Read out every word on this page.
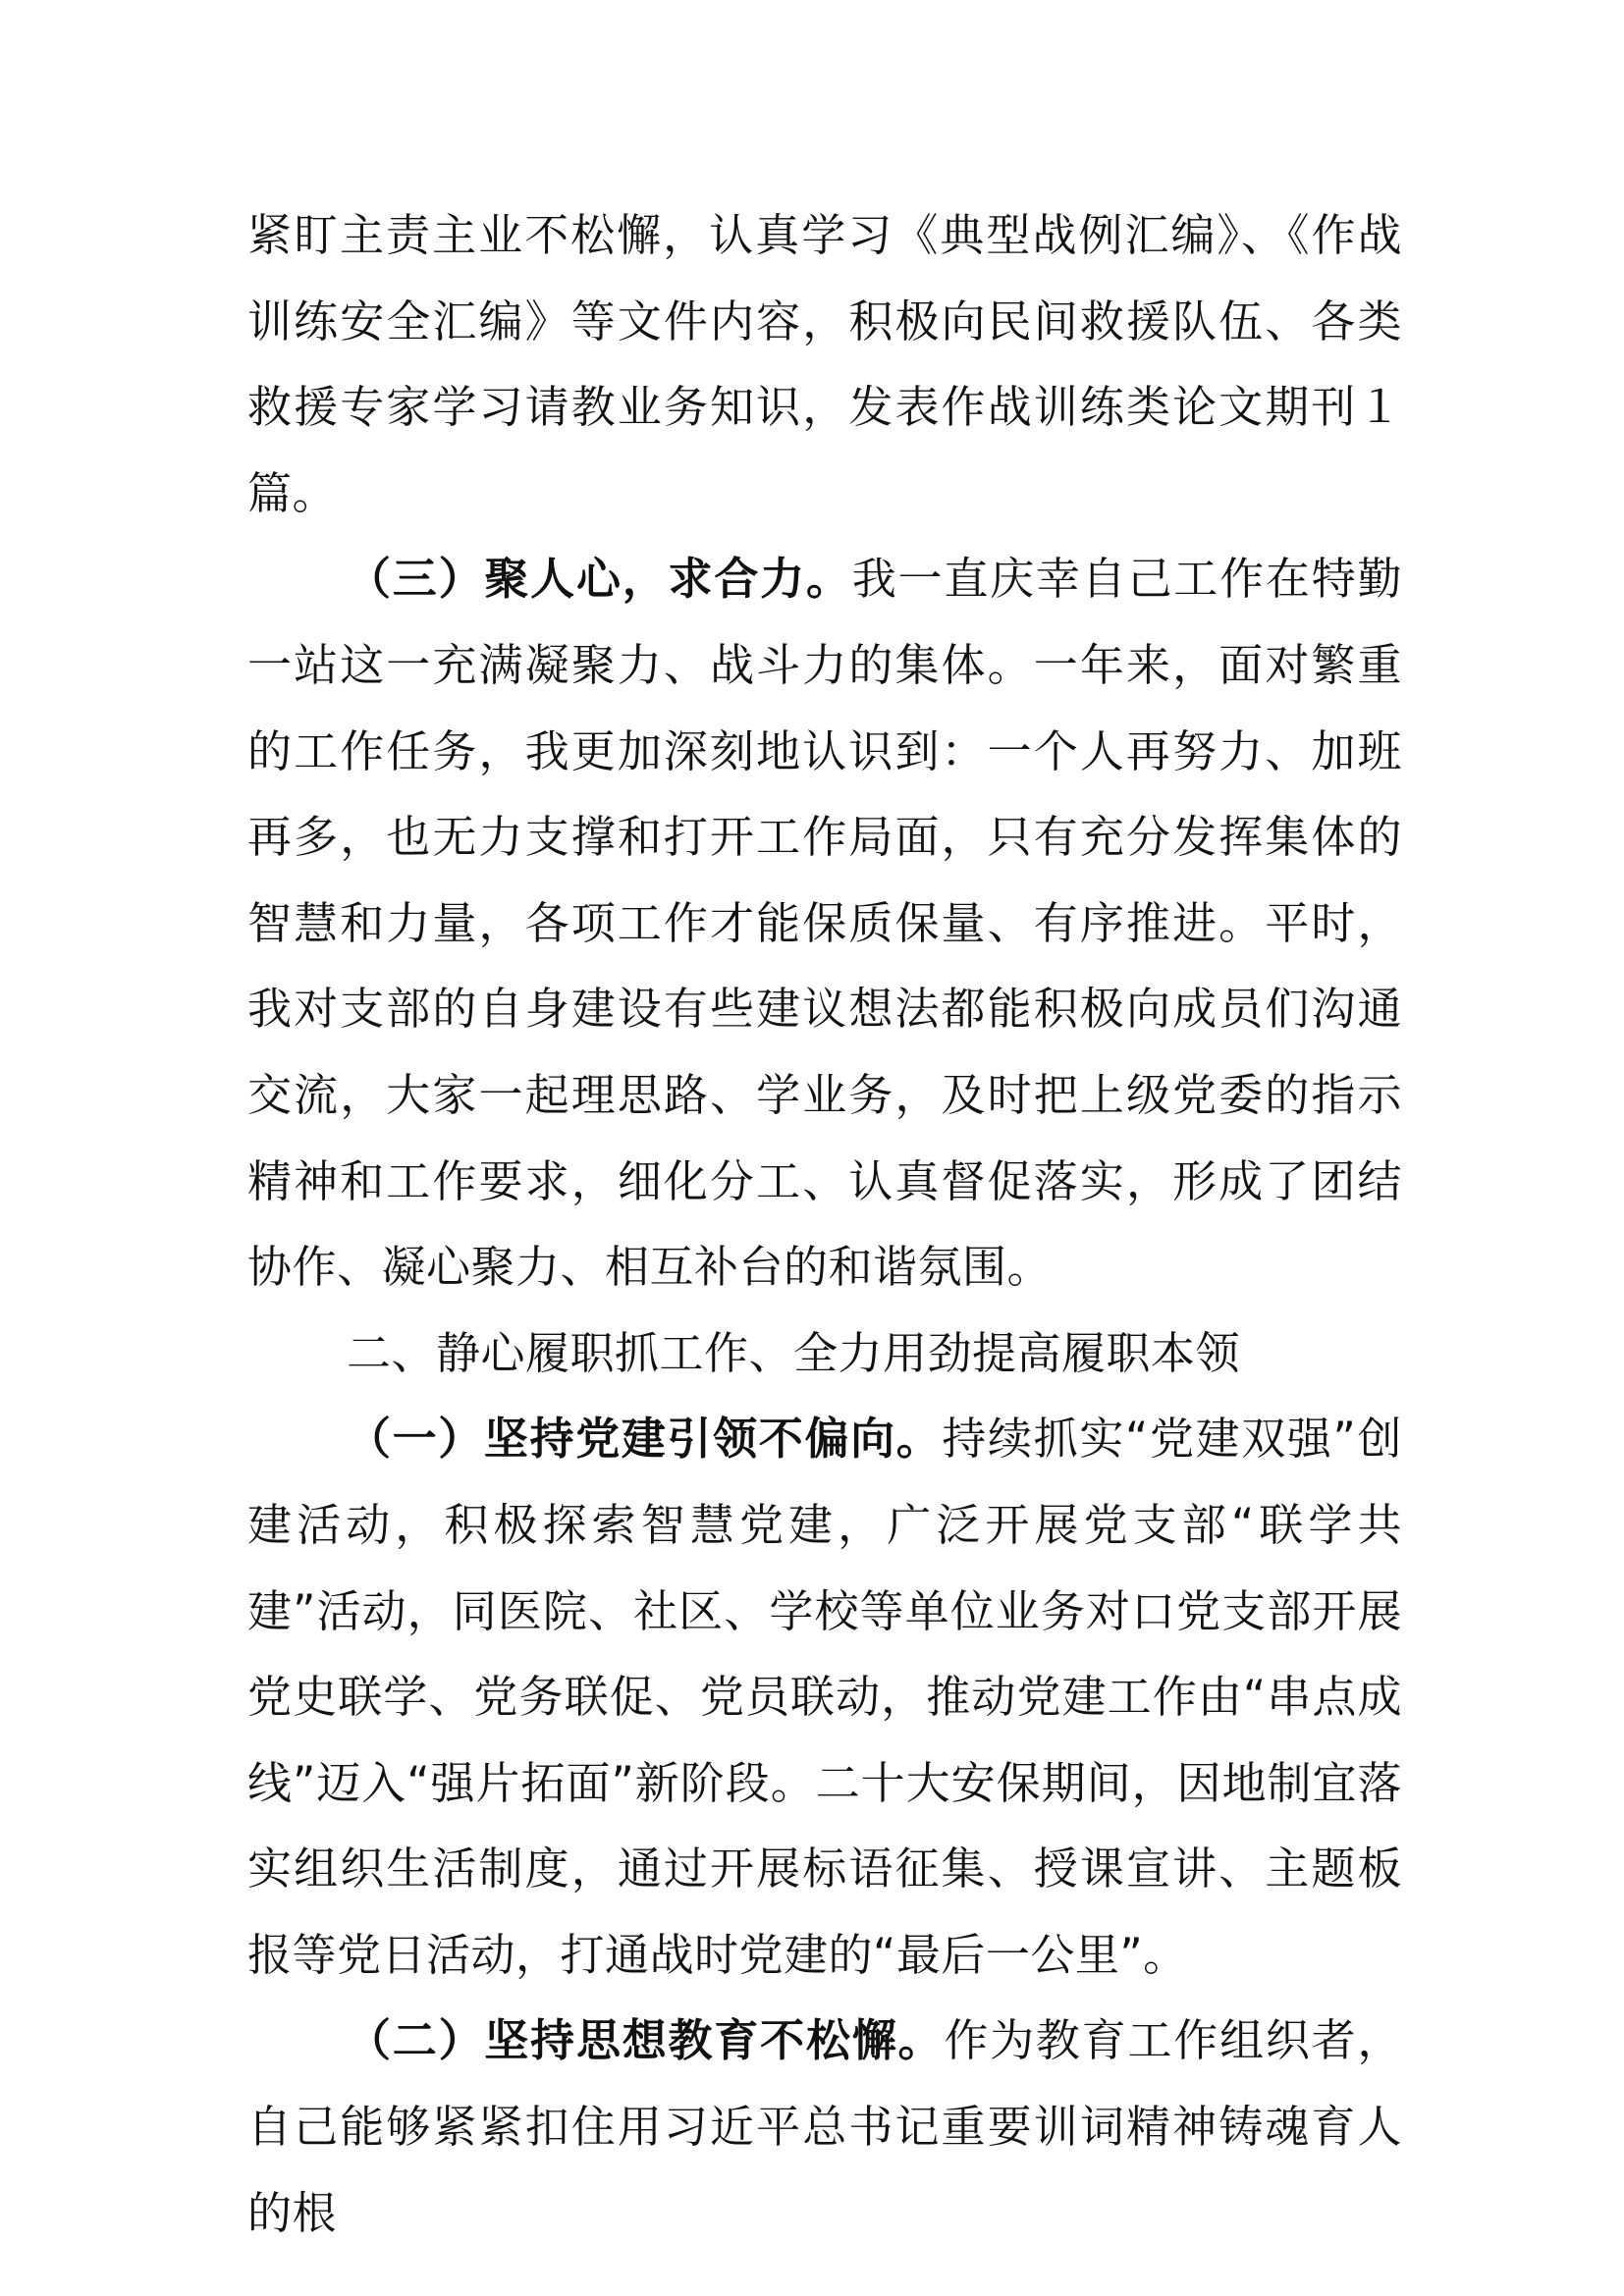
紧盯主责主业不松懈，认真学习《典型战例汇编》、《作战训练安全汇编》等文件内容，积极向民间救援队伍、各类救援专家学习请教业务知识，发表作战训练类论文期刊１篇。

（三）聚人心，求合力。我一直庆幸自己工作在特勤一站这一充满凝聚力、战斗力的集体。一年来，面对繁重的工作任务，我更加深刻地认识到：一个人再努力、加班再多，也无力支撑和打开工作局面，只有充分发挥集体的智慧和力量，各项工作才能保质保量、有序推进。平时，我对支部的自身建设有些建议想法都能积极向成员们沟通交流，大家一起理思路、学业务，及时把上级党委的指示精神和工作要求，细化分工、认真督促落实，形成了团结协作、凝心聚力、相互补台的和谐氛围。

二、静心履职抓工作、全力用劲提高履职本领

（一）坚持党建引领不偏向。持续抓实“党建双强”创建活动，积极探索智慧党建，广泛开展党支部“联学共建”活动，同医院、社区、学校等单位业务对口党支部开展党史联学、党务联促、党员联动，推动党建工作由“串点成线”迈入“强片拓面”新阶段。二十大安保期间，因地制宜落实组织生活制度，通过开展标语征集、授课宣讲、主题板报等党日活动，打通战时党建的“最后一公里”。

（二）坚持思想教育不松懈。作为教育工作组织者，自己能够紧紧扣住用习近平总书记重要训词精神铸魂育人的根
